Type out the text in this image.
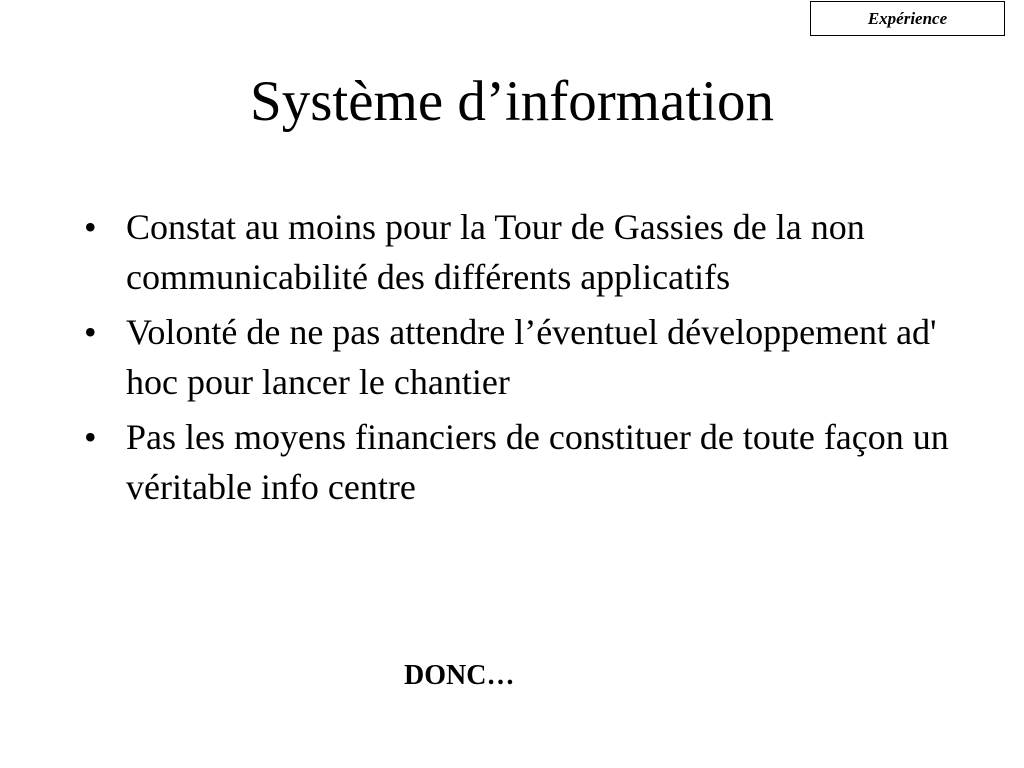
Expérience
Système d’information
• Constat au moins pour la Tour de Gassies de la non communicabilité des différents applicatifs
• Volonté de ne pas attendre l’éventuel développement ad' hoc pour lancer le chantier
• Pas les moyens financiers de constituer de toute façon un véritable info centre
DONC…
